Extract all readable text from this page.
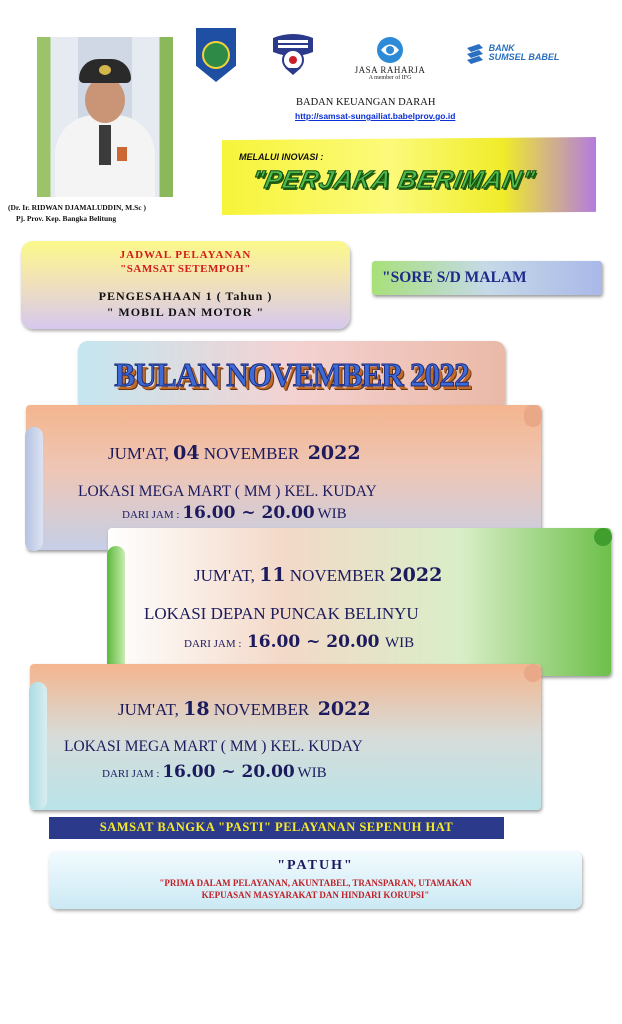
(Dr. Ir. RIDWAN DJAMALUDDIN, M.Sc )
Pj. Prov. Kep. Bangka Belitung
JASA RAHARJA
A member of IFG
BANK
SUMSEL BABEL
BADAN KEUANGAN DARAH
http://samsat-sungailiat.babelprov.go.id
MELALUI INOVASI :
"PERJAKA BERIMAN"
JADWAL PELAYANAN
"SAMSAT SETEMPOH"
PENGESAHAAN 1 ( Tahun )
" MOBIL DAN MOTOR "
"SORE S/D MALAM
BULAN NOVEMBER 2022
JUM'AT, 04 NOVEMBER 2022
LOKASI MEGA MART ( MM ) KEL. KUDAY
DARI JAM : 16.00 ~ 20.00 WIB
JUM'AT, 11 NOVEMBER 2022
LOKASI DEPAN PUNCAK BELINYU
DARI JAM : 16.00 ~ 20.00 WIB
JUM'AT, 18 NOVEMBER 2022
LOKASI MEGA MART ( MM ) KEL. KUDAY
DARI JAM : 16.00 ~ 20.00 WIB
SAMSAT BANGKA "PASTI" PELAYANAN SEPENUH HAT
"PATUH"
"PRIMA DALAM PELAYANAN, AKUNTABEL, TRANSPARAN, UTAMAKAN
KEPUASAN MASYARAKAT DAN HINDARI KORUPSI"
